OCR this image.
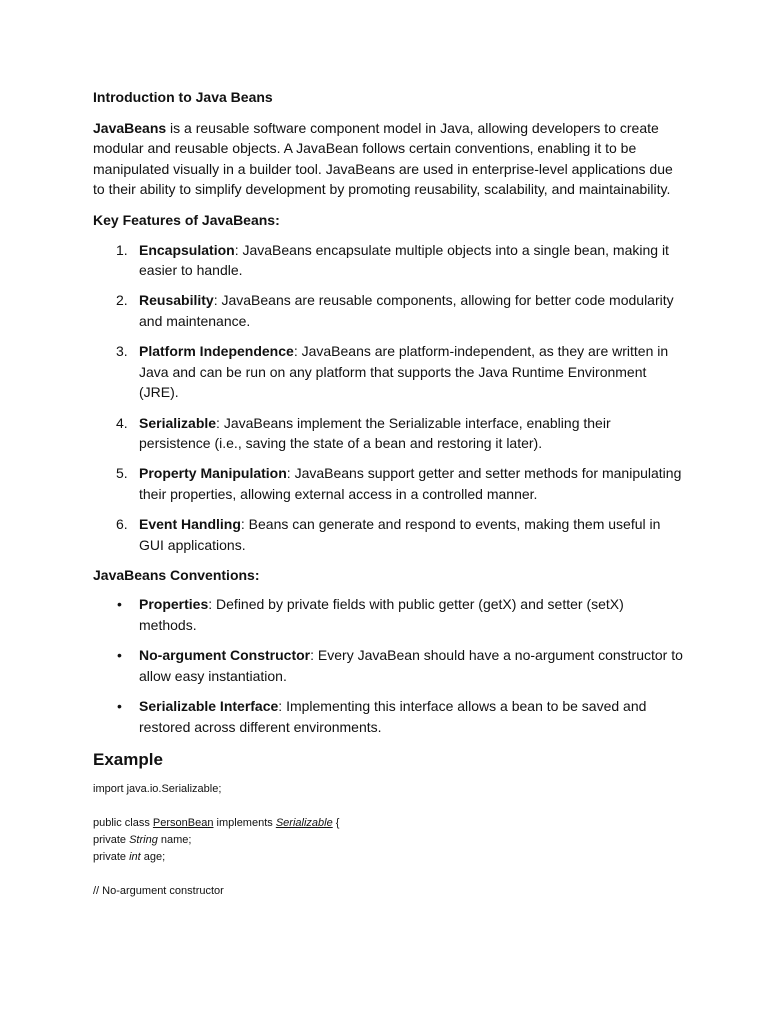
Introduction to Java Beans

JavaBeans is a reusable software component model in Java, allowing developers to create modular and reusable objects. A JavaBean follows certain conventions, enabling it to be manipulated visually in a builder tool. JavaBeans are used in enterprise-level applications due to their ability to simplify development by promoting reusability, scalability, and maintainability.

Key Features of JavaBeans:

1. Encapsulation: JavaBeans encapsulate multiple objects into a single bean, making it easier to handle.
2. Reusability: JavaBeans are reusable components, allowing for better code modularity and maintenance.
3. Platform Independence: JavaBeans are platform-independent, as they are written in Java and can be run on any platform that supports the Java Runtime Environment (JRE).
4. Serializable: JavaBeans implement the Serializable interface, enabling their persistence (i.e., saving the state of a bean and restoring it later).
5. Property Manipulation: JavaBeans support getter and setter methods for manipulating their properties, allowing external access in a controlled manner.
6. Event Handling: Beans can generate and respond to events, making them useful in GUI applications.

JavaBeans Conventions:

• Properties: Defined by private fields with public getter (getX) and setter (setX) methods.
• No-argument Constructor: Every JavaBean should have a no-argument constructor to allow easy instantiation.
• Serializable Interface: Implementing this interface allows a bean to be saved and restored across different environments.

Example

import java.io.Serializable;

public class PersonBean implements Serializable {

private String name;

private int age;

// No-argument constructor
